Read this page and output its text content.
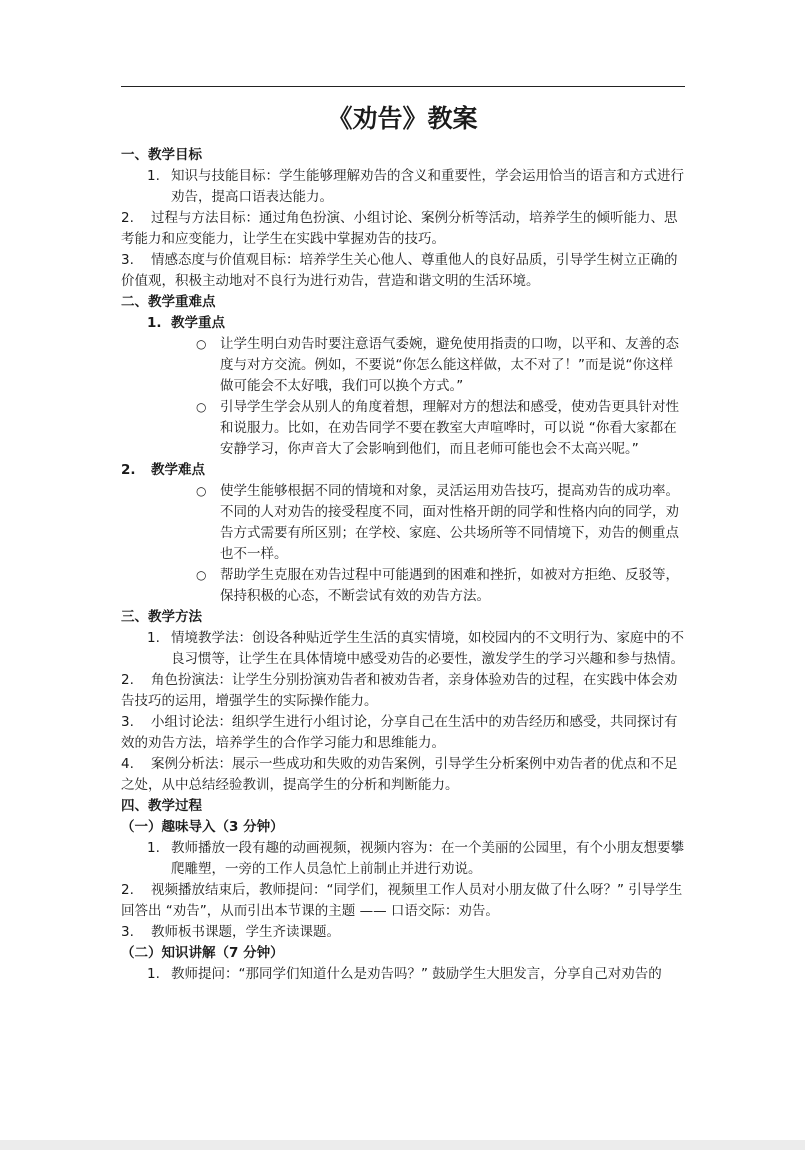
《劝告》教案
一、教学目标
1. 知识与技能目标：学生能够理解劝告的含义和重要性，学会运用恰当的语言和方式进行劝告，提高口语表达能力。
2. 过程与方法目标：通过角色扮演、小组讨论、案例分析等活动，培养学生的倾听能力、思考能力和应变能力，让学生在实践中掌握劝告的技巧。
3. 情感态度与价值观目标：培养学生关心他人、尊重他人的良好品质，引导学生树立正确的价值观，积极主动地对不良行为进行劝告，营造和谐文明的生活环境。
二、教学重难点
1. 教学重点
○ 让学生明白劝告时要注意语气委婉，避免使用指责的口吻，以平和、友善的态度与对方交流。例如，不要说“你怎么能这样做，太不对了！”而是说“你这样做可能会不太好哦，我们可以换个方式。”
○ 引导学生学会从别人的角度着想，理解对方的想法和感受，使劝告更具针对性和说服力。比如，在劝告同学不要在教室大声喧哗时，可以说 “你看大家都在安静学习，你声音大了会影响到他们，而且老师可能也会不太高兴呢。”
2. 教学难点
○ 使学生能够根据不同的情境和对象，灵活运用劝告技巧，提高劝告的成功率。不同的人对劝告的接受程度不同，面对性格开朗的同学和性格内向的同学，劝告方式需要有所区别；在学校、家庭、公共场所等不同情境下，劝告的侧重点也不一样。
○ 帮助学生克服在劝告过程中可能遇到的困难和挫折，如被对方拒绝、反驳等，保持积极的心态，不断尝试有效的劝告方法。
三、教学方法
1. 情境教学法：创设各种贴近学生生活的真实情境，如校园内的不文明行为、家庭中的不良习惯等，让学生在具体情境中感受劝告的必要性，激发学生的学习兴趣和参与热情。
2. 角色扮演法：让学生分别扮演劝告者和被劝告者，亲身体验劝告的过程，在实践中体会劝告技巧的运用，增强学生的实际操作能力。
3. 小组讨论法：组织学生进行小组讨论，分享自己在生活中的劝告经历和感受，共同探讨有效的劝告方法，培养学生的合作学习能力和思维能力。
4. 案例分析法：展示一些成功和失败的劝告案例，引导学生分析案例中劝告者的优点和不足之处，从中总结经验教训，提高学生的分析和判断能力。
四、教学过程
（一）趣味导入（3 分钟）
1. 教师播放一段有趣的动画视频，视频内容为：在一个美丽的公园里，有个小朋友想要攀爬雕塑，一旁的工作人员急忙上前制止并进行劝说。
2. 视频播放结束后，教师提问：“同学们，视频里工作人员对小朋友做了什么呀？” 引导学生回答出 “劝告”，从而引出本节课的主题 —— 口语交际：劝告。
3. 教师板书课题，学生齐读课题。
（二）知识讲解（7 分钟）
1. 教师提问：“那同学们知道什么是劝告吗？” 鼓励学生大胆发言，分享自己对劝告的
